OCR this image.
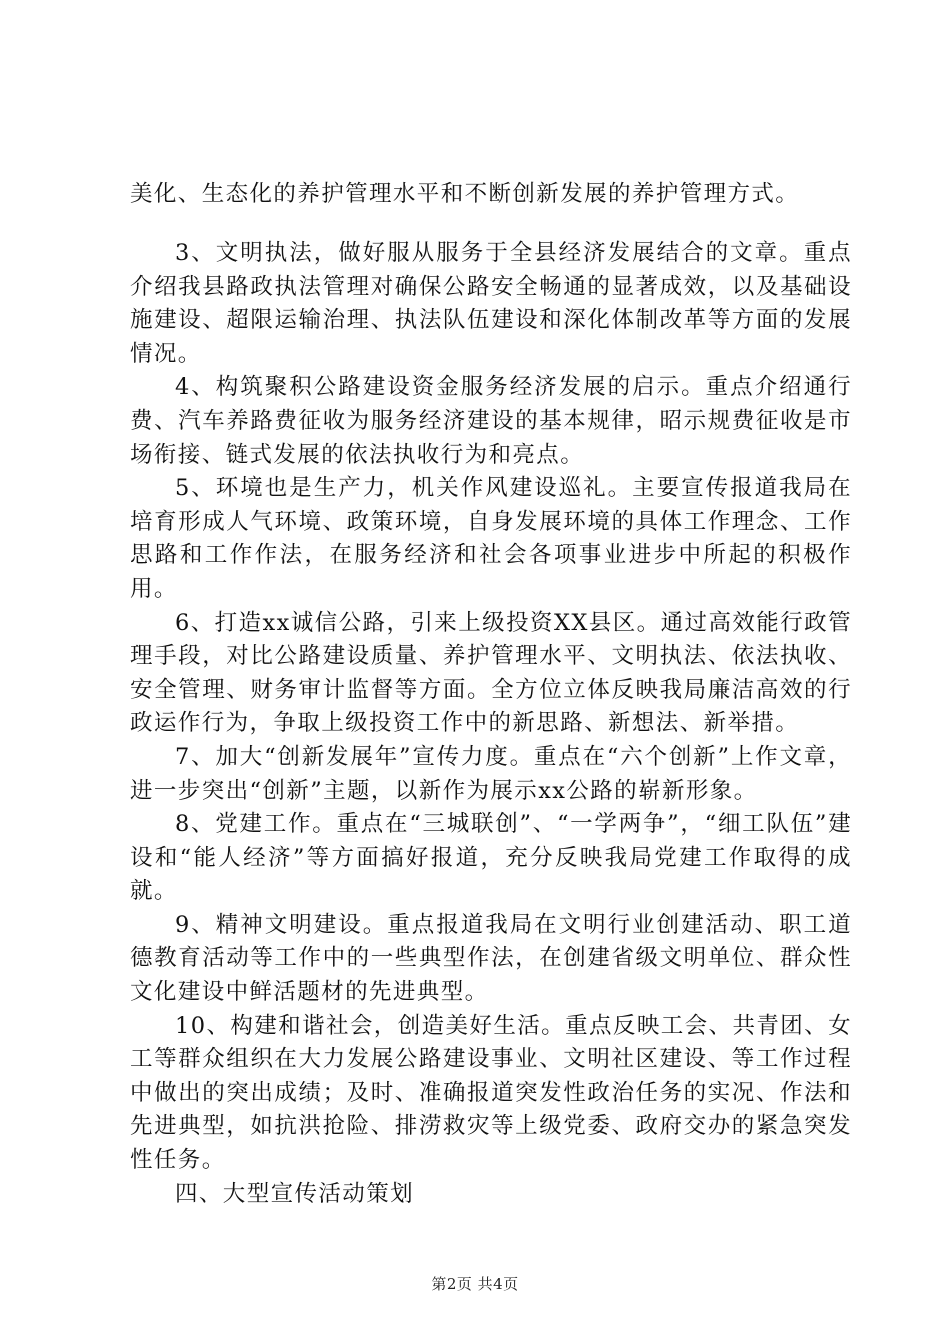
美化、生态化的养护管理水平和不断创新发展的养护管理方式。

3、文明执法，做好服从服务于全县经济发展结合的文章。重点介绍我县路政执法管理对确保公路安全畅通的显著成效，以及基础设施建设、超限运输治理、执法队伍建设和深化体制改革等方面的发展情况。

4、构筑聚积公路建设资金服务经济发展的启示。重点介绍通行费、汽车养路费征收为服务经济建设的基本规律，昭示规费征收是市场衔接、链式发展的依法执收行为和亮点。

5、环境也是生产力，机关作风建设巡礼。主要宣传报道我局在培育形成人气环境、政策环境，自身发展环境的具体工作理念、工作思路和工作作法，在服务经济和社会各项事业进步中所起的积极作用。

6、打造xx诚信公路，引来上级投资XX县区。通过高效能行政管理手段，对比公路建设质量、养护管理水平、文明执法、依法执收、安全管理、财务审计监督等方面。全方位立体反映我局廉洁高效的行政运作行为，争取上级投资工作中的新思路、新想法、新举措。

7、加大“创新发展年”宣传力度。重点在“六个创新”上作文章，进一步突出“创新”主题，以新作为展示xx公路的崭新形象。

8、党建工作。重点在“三城联创”、“一学两争”，“细工队伍”建设和“能人经济”等方面搞好报道，充分反映我局党建工作取得的成就。

9、精神文明建设。重点报道我局在文明行业创建活动、职工道德教育活动等工作中的一些典型作法，在创建省级文明单位、群众性文化建设中鲜活题材的先进典型。

10、构建和谐社会，创造美好生活。重点反映工会、共青团、女工等群众组织在大力发展公路建设事业、文明社区建设、等工作过程中做出的突出成绩；及时、准确报道突发性政治任务的实况、作法和先进典型，如抗洪抢险、排涝救灾等上级党委、政府交办的紧急突发性任务。

四、大型宣传活动策划

第2页 共4页
